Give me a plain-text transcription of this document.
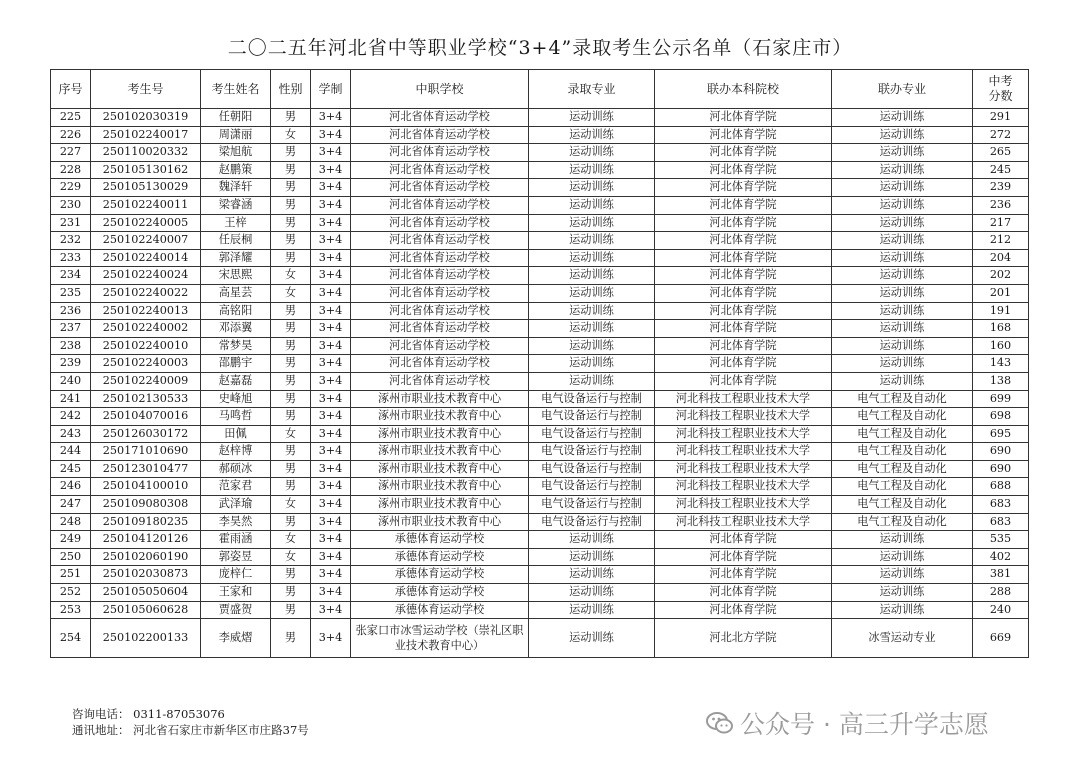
二〇二五年河北省中等职业学校“3+4”录取考生公示名单（石家庄市）
序号	考生号	考生姓名	性别	学制	中职学校	录取专业	联办本科院校	联办专业	中考分数
225	250102030319	任朝阳	男	3+4	河北省体育运动学校	运动训练	河北体育学院	运动训练	291
226	250102240017	周潇丽	女	3+4	河北省体育运动学校	运动训练	河北体育学院	运动训练	272
227	250110020332	梁旭航	男	3+4	河北省体育运动学校	运动训练	河北体育学院	运动训练	265
228	250105130162	赵鹏策	男	3+4	河北省体育运动学校	运动训练	河北体育学院	运动训练	245
229	250105130029	魏泽轩	男	3+4	河北省体育运动学校	运动训练	河北体育学院	运动训练	239
230	250102240011	梁睿涵	男	3+4	河北省体育运动学校	运动训练	河北体育学院	运动训练	236
231	250102240005	王梓	男	3+4	河北省体育运动学校	运动训练	河北体育学院	运动训练	217
232	250102240007	任辰桐	男	3+4	河北省体育运动学校	运动训练	河北体育学院	运动训练	212
233	250102240014	郭泽耀	男	3+4	河北省体育运动学校	运动训练	河北体育学院	运动训练	204
234	250102240024	宋思熙	女	3+4	河北省体育运动学校	运动训练	河北体育学院	运动训练	202
235	250102240022	高星芸	女	3+4	河北省体育运动学校	运动训练	河北体育学院	运动训练	201
236	250102240013	高铭阳	男	3+4	河北省体育运动学校	运动训练	河北体育学院	运动训练	191
237	250102240002	邓添翼	男	3+4	河北省体育运动学校	运动训练	河北体育学院	运动训练	168
238	250102240010	常梦昊	男	3+4	河北省体育运动学校	运动训练	河北体育学院	运动训练	160
239	250102240003	邵鹏宇	男	3+4	河北省体育运动学校	运动训练	河北体育学院	运动训练	143
240	250102240009	赵嘉磊	男	3+4	河北省体育运动学校	运动训练	河北体育学院	运动训练	138
241	250102130533	史峰旭	男	3+4	涿州市职业技术教育中心	电气设备运行与控制	河北科技工程职业技术大学	电气工程及自动化	699
242	250104070016	马鸣哲	男	3+4	涿州市职业技术教育中心	电气设备运行与控制	河北科技工程职业技术大学	电气工程及自动化	698
243	250126030172	田佩	女	3+4	涿州市职业技术教育中心	电气设备运行与控制	河北科技工程职业技术大学	电气工程及自动化	695
244	250171010690	赵梓博	男	3+4	涿州市职业技术教育中心	电气设备运行与控制	河北科技工程职业技术大学	电气工程及自动化	690
245	250123010477	郝硕冰	男	3+4	涿州市职业技术教育中心	电气设备运行与控制	河北科技工程职业技术大学	电气工程及自动化	690
246	250104100010	范家君	男	3+4	涿州市职业技术教育中心	电气设备运行与控制	河北科技工程职业技术大学	电气工程及自动化	688
247	250109080308	武泽瑜	女	3+4	涿州市职业技术教育中心	电气设备运行与控制	河北科技工程职业技术大学	电气工程及自动化	683
248	250109180235	李昊然	男	3+4	涿州市职业技术教育中心	电气设备运行与控制	河北科技工程职业技术大学	电气工程及自动化	683
249	250104120126	霍雨涵	女	3+4	承德体育运动学校	运动训练	河北体育学院	运动训练	535
250	250102060190	郭姿昱	女	3+4	承德体育运动学校	运动训练	河北体育学院	运动训练	402
251	250102030873	庞梓仁	男	3+4	承德体育运动学校	运动训练	河北体育学院	运动训练	381
252	250105050604	王家和	男	3+4	承德体育运动学校	运动训练	河北体育学院	运动训练	288
253	250105060628	贾盛贺	男	3+4	承德体育运动学校	运动训练	河北体育学院	运动训练	240
254	250102200133	李威熠	男	3+4	张家口市冰雪运动学校（崇礼区职业技术教育中心）	运动训练	河北北方学院	冰雪运动专业	669
咨询电话： 0311-87053076
通讯地址： 河北省石家庄市新华区市庄路37号	公众号 · 高三升学志愿
